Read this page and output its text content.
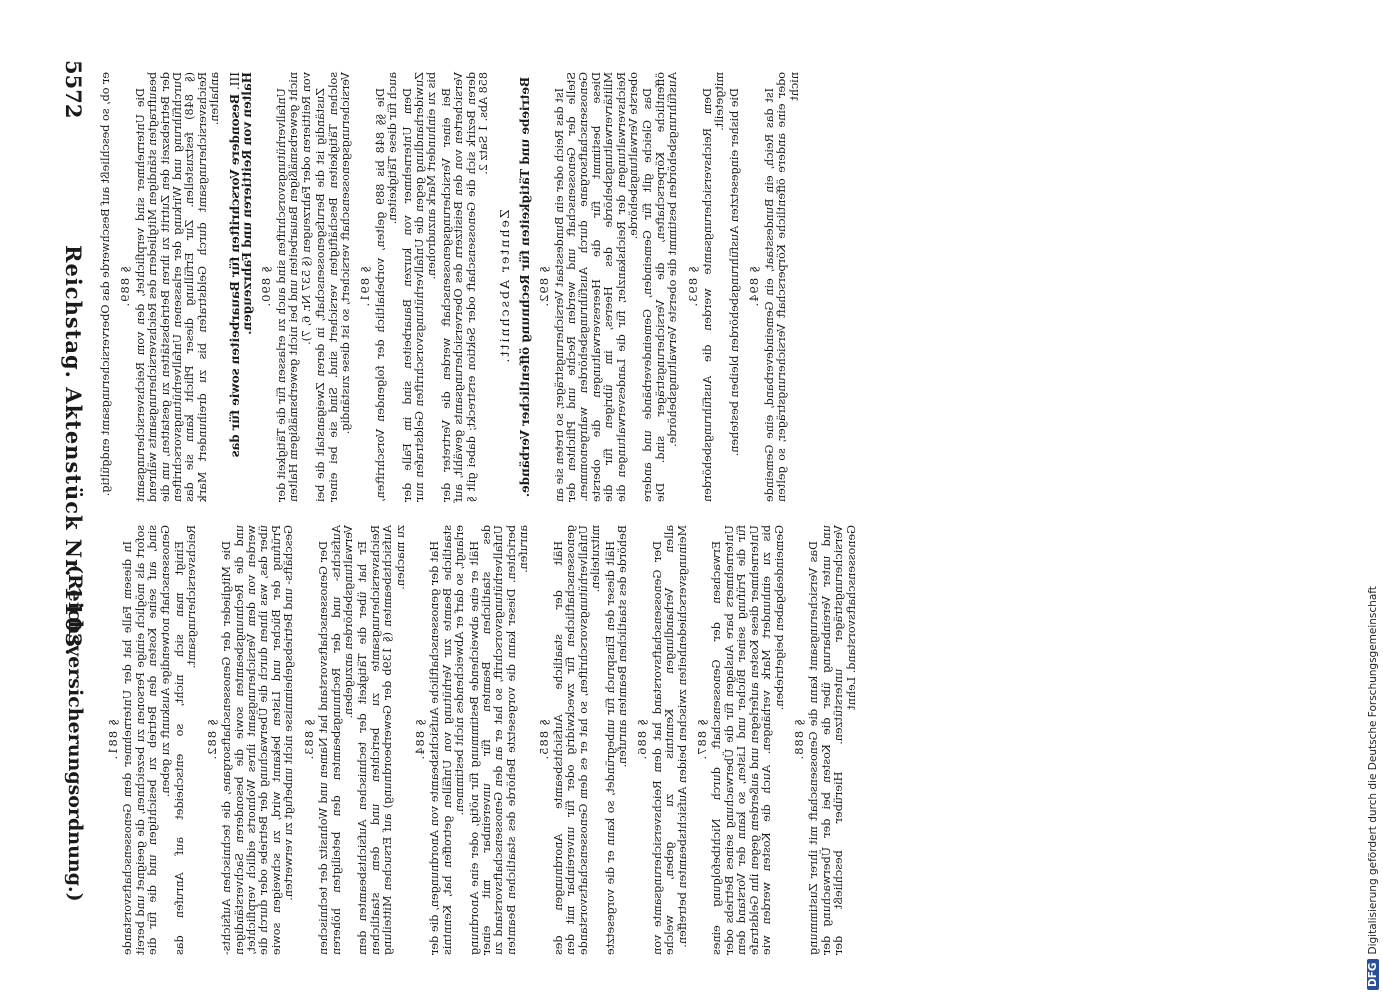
5572
Reichstag. Aktenstück Nr. 1103.
(Reichsversicherungsordnung.)

er ob, so beschließt auf Beschwerde das Oberversicherungsamt endgültig. § 889. Die Unternehmer sind verpflichtet, den vom Reichsversicherungsamt beauftragten ständigen Mitgliedern des Reichsversicherungsamts während der Betriebszeit den Zutritt zu ihren Betriebsstätten zu gestatten, um die Durchführung und Wirkung der erlassenen Unfallverhütungsvorschriften (§ 848) festzustellen. Zur Erfüllung dieser Pflicht kann sie das Reichsversicherungsamt durch Geldstrafen bis zu dreihundert Mark anhalten. III. Besondere Vorschriften für Bauarbeiten sowie für das Halten von Reittieren und Fahrzeugen. § 890. Unfallverhütungsvorschriften sind auch zu erlassen für die Tätigkeit der nicht gewerbsmäßigen Bauarbeiten und bei nicht gewerbsmäßigem Halten von Reittieren oder Fahrzeugen (§ 537 Nr. 6, 7). Zuständig ist die Berufsgenossenschaft, in deren Zweiganstalt die bei solchen Tätigkeiten Beschäftigten versichert sind. Sind sie bei einer Versicherungsgenossenschaft versichert, so ist diese zuständig. § 891. Die §§ 848 bis 889 gelten, vorbehaltlich der folgenden Vorschriften, auch für diese Tätigkeiten. Dem Unternehmer von kurzen Bauarbeiten sind im Falle der Zuwiderhandlung gegen die Unfallverhütungsvorschriften Geldstrafen nur bis zu einhundert Mark anzudrohen. Bei einer Versicherungsgenossenschaft werden die Vertreter der Versicherten von den Beisitzern des Oberversicherungsamts gewählt, auf deren Bezirk sich die Genossenschaft oder Sektion erstreckt; dabei gilt § 858 Abs. 1 Satz 2.

Zehnter Abschnitt. Betriebe und Tätigkeiten für Rechnung öffentlicher Verbände. § 892. Ist das Reich oder ein Bundesstaat Versicherungsträger, so treten sie an Stelle der Genossenschaft und werden Rechte und Pflichten der Genossenschaftsorgane durch Ausführungsbehörden wahrgenommen. Diese bestimmt für die Heeresverwaltungen die oberste Militärverwaltungsbehörde des Heeres, im übrigen für die Reichsverwaltungen der Reichskanzler, für die Landesverwaltungen die oberste Verwaltungsbehörde. Das Gleiche gilt für Gemeinden, Gemeindeverbände und andere öffentliche Körperschaften, die Versicherungsträger sind. Die Ausführungsbehörden bestimmt die oberste Verwaltungsbehörde. § 893. Dem Reichsversicherungsamte werden die Ausführungsbehörden mitgeteilt. Die bisher eingesetzten Ausführungsbehörden bleiben bestehen. § 894. Ist das Reich, ein Bundesstaat, ein Gemeindeverband, eine Gemeinde oder eine andere öffentliche Körperschaft Versicherungsträger, so gelten nicht

§ 881. In diesem Falle hat der Unternehmer dem Genossenschaftsvorstande sofort als möglich einige Personen zu bezeichnen, die geeignet und bereit sind, auf seine Kosten den Betrieb zu besichtigen und die für die Genossenschaft notwendige Auskunft zu geben. Einigt man sich nicht, so entscheidet auf Anrufen das Reichsversicherungsamt.

§ 882. Die Mitglieder der Genossenschaftsorgane, die technischen Aufsichts- und die Rechnungsbeamten sowie die besonderen Sachverständigen werden von dem Versicherungsamt ihres Wohnorts eidlich verpflichtet, über das, was ihnen durch die Überwachung der Betriebe oder durch die Prüfung der Bücher und Listen bekannt wird, zu schweigen sowie Geschäfts- und Betriebsgeheimnisse nicht unbefugt zu verwerten. § 883. Der Genossenschaftsvorstand hat Namen und Wohnsitz der technischen Aufsichts- und der Rechnungsbeamten den beteiligten höheren Verwaltungsbehörden anzugeben. Er hat über die Tätigkeit der technischen Aufsichtsbeamten dem Reichsversicherungsamte zu berichten und dem staatlichen Aufsichtsbeamten (§ 139b der Gewerbeordnung) auf Ersuchen Mitteilung zu machen.

§ 884. Hat der genossenschaftliche Aufsichtsbeamte von Anordnungen, die der staatliche Beamte zur Verhütung von Unfällen getroffen hat, Kenntnis erlangt, so darf er Abweichendes nicht bestimmen. Hält er eine abweichende Bestimmung für nötig, oder eine Anordnung des staatlichen Beamten für unvereinbar mit einer Unfallverhütungsvorschrift, so hat er an den Genossenschaftsvorstand zu berichten. Dieser kann die vorgesetzte Behörde des staatlichen Beamten anrufen.

§ 885. Hält der staatliche Aufsichtsbeamte Anordnungen des genossenschaftlichen für zweckwidrig oder für unvereinbar mit den Unfallverhütungsvorschriften, so hat er es dem Genossenschaftsvorstande mitzuteilen. Hält dieser den Einspruch für unbegründet, so kann er die vorgesetzte Behörde des staatlichen Beamten anrufen. § 886. Der Genossenschaftsvorstand hat dem Reichsversicherungsamte von allen Verhandlungen Kenntnis zu geben, welche Meinungsverschiedenheiten zwischen beiden Aufsichtsbeamten betreffen. § 887. Erwachsen der Genossenschaft durch Nichtbefolgung eines Unternehmers bare Auslagen für die Überwachung seines Betriebs oder für die Prüfung seiner Bücher und Listen, so kann der Vorstand dem Unternehmer diese Kosten auferlegen und außerdem gegen ihn Geldstrafe bis zu einhundert Mark verhängen. Auch die Kosten werden wie Gemeindeabgaben beigetrieben.

§ 888. Das Versicherungsamt kann die Genossenschaft mit ihrer Zustimmung und unter Vereinbarung über die Kosten bei der Überwachung der Versicherungsträger unterstützen. Hierüber beschließt der Genossenschaftsvorstand. Lehnt

DFGDigitalisierung gefördert durch die Deutsche Forschungsgemeinschaft
